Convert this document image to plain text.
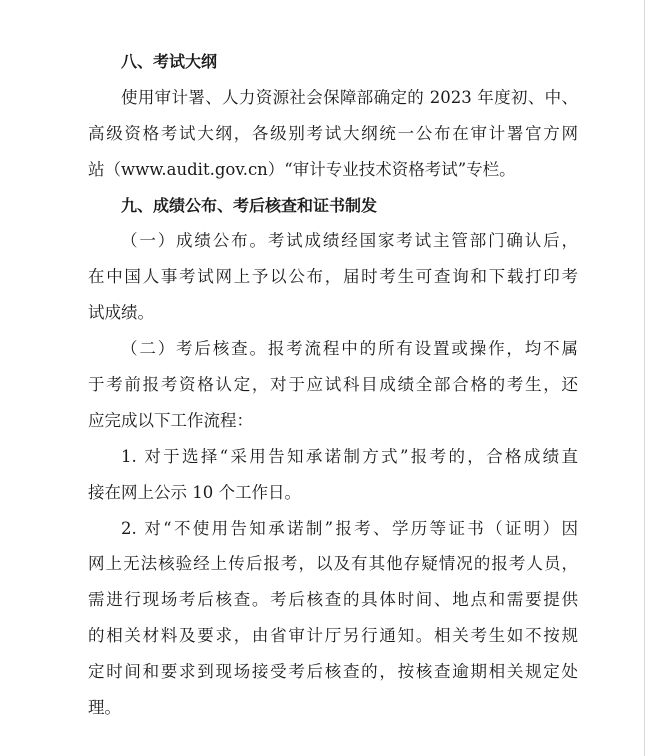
八、考试大纲
使用审计署、人力资源社会保障部确定的 2023 年度初、中、
高级资格考试大纲，各级别考试大纲统一公布在审计署官方网
站（www.audit.gov.cn）“审计专业技术资格考试”专栏。
九、成绩公布、考后核查和证书制发
（一）成绩公布。考试成绩经国家考试主管部门确认后，
在中国人事考试网上予以公布，届时考生可查询和下载打印考
试成绩。
（二）考后核查。报考流程中的所有设置或操作，均不属
于考前报考资格认定，对于应试科目成绩全部合格的考生，还
应完成以下工作流程：
1. 对于选择“采用告知承诺制方式”报考的，合格成绩直
接在网上公示 10 个工作日。
2. 对“不使用告知承诺制”报考、学历等证书（证明）因
网上无法核验经上传后报考，以及有其他存疑情况的报考人员，
需进行现场考后核查。考后核查的具体时间、地点和需要提供
的相关材料及要求，由省审计厅另行通知。相关考生如不按规
定时间和要求到现场接受考后核查的，按核查逾期相关规定处
理。
